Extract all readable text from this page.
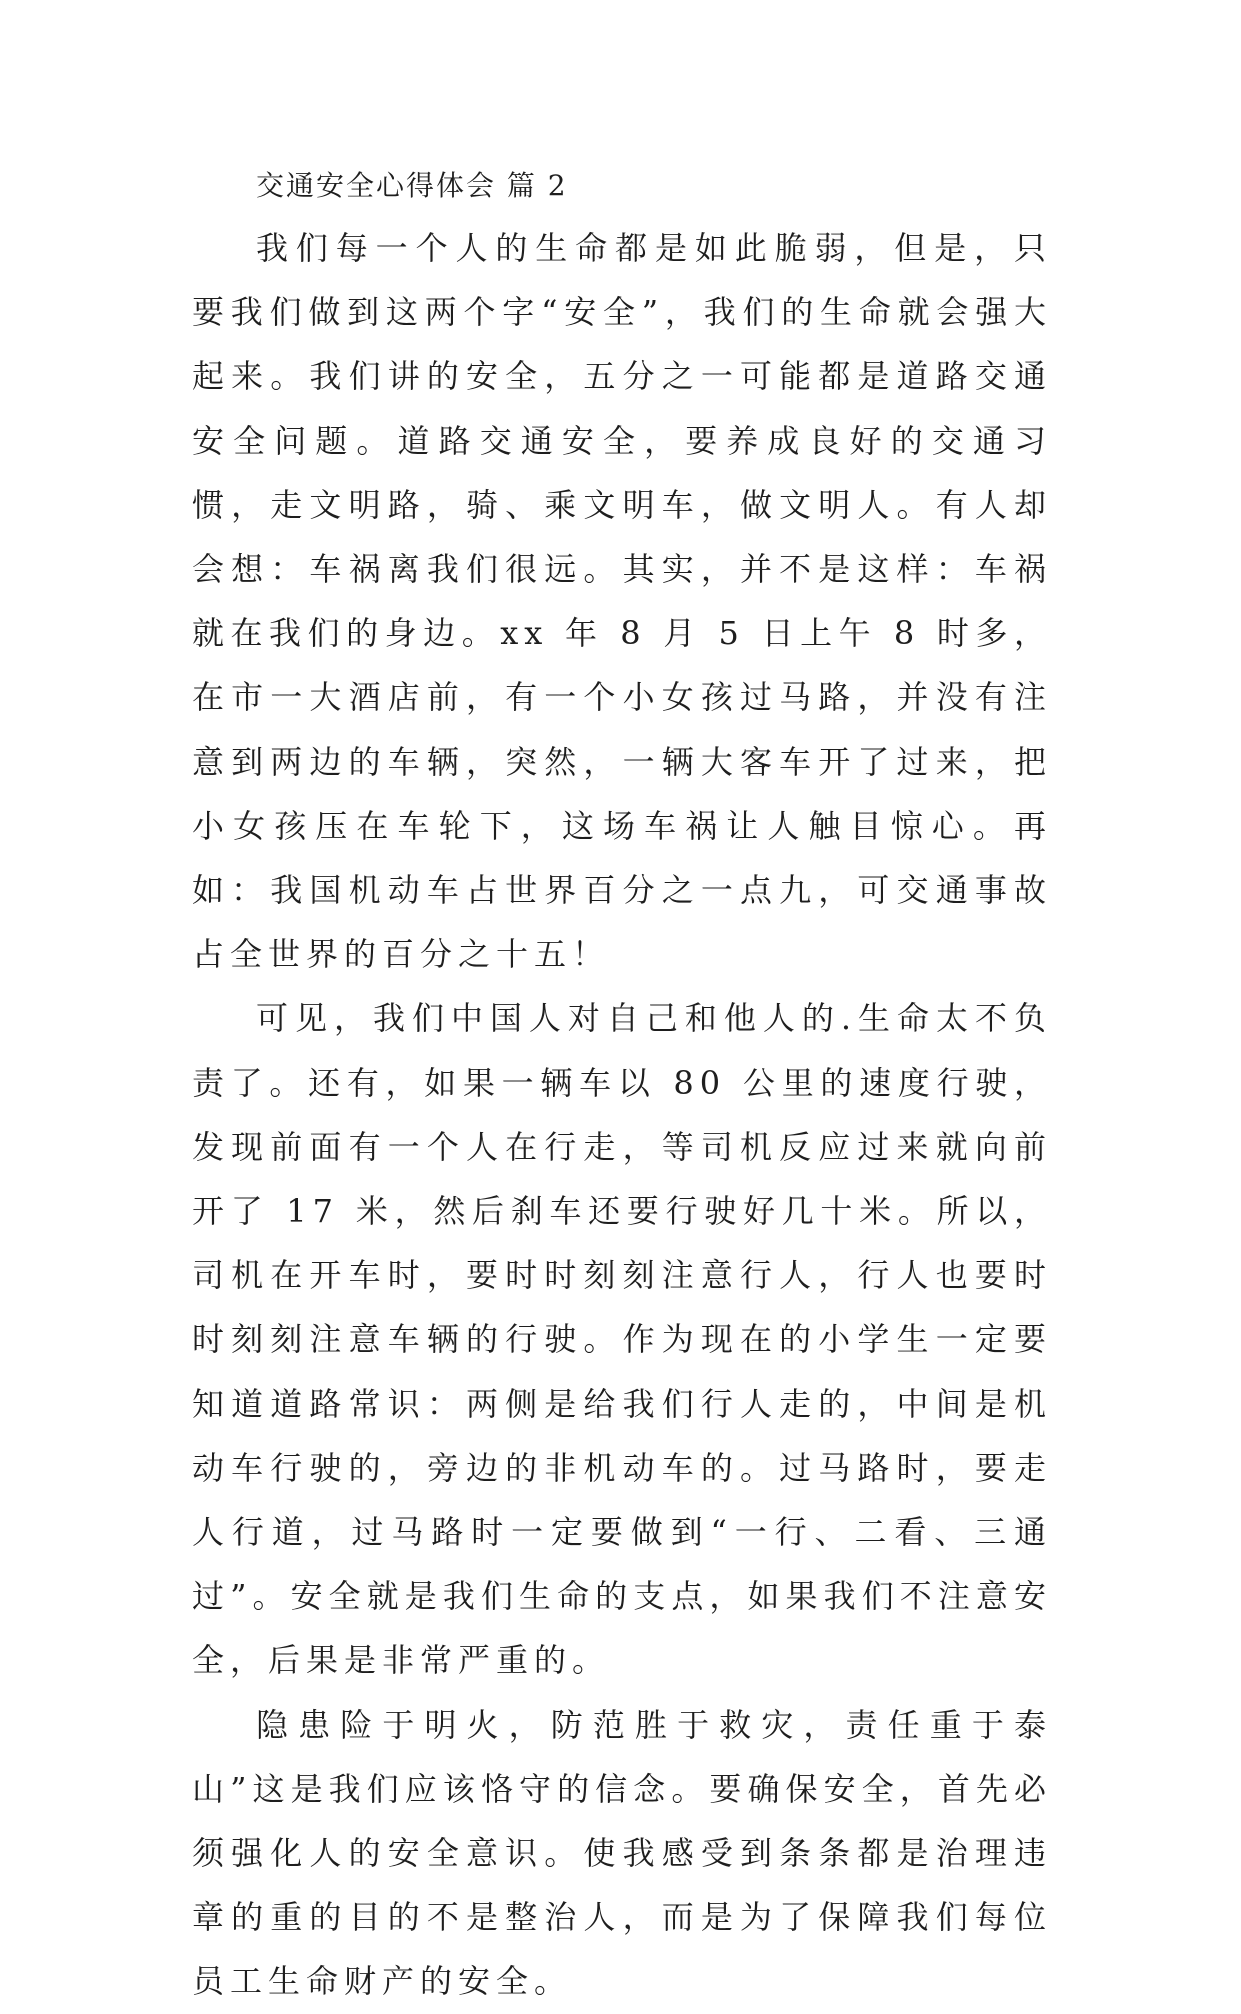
交通安全心得体会 篇 2

我们每一个人的生命都是如此脆弱，但是，只要我们做到这两个字“安全”，我们的生命就会强大起来。我们讲的安全，五分之一可能都是道路交通安全问题。道路交通安全，要养成良好的交通习惯，走文明路，骑、乘文明车，做文明人。有人却会想：车祸离我们很远。其实，并不是这样：车祸就在我们的身边。xx 年 8 月 5 日上午 8 时多，在市一大酒店前，有一个小女孩过马路，并没有注意到两边的车辆，突然，一辆大客车开了过来，把小女孩压在车轮下，这场车祸让人触目惊心。再如：我国机动车占世界百分之一点九，可交通事故占全世界的百分之十五！

可见，我们中国人对自己和他人的.生命太不负责了。还有，如果一辆车以 80 公里的速度行驶，发现前面有一个人在行走，等司机反应过来就向前开了 17 米，然后刹车还要行驶好几十米。所以，司机在开车时，要时时刻刻注意行人，行人也要时时刻刻注意车辆的行驶。作为现在的小学生一定要知道道路常识：两侧是给我们行人走的，中间是机动车行驶的，旁边的非机动车的。过马路时，要走人行道，过马路时一定要做到“一行、二看、三通过”。安全就是我们生命的支点，如果我们不注意安全，后果是非常严重的。

隐患险于明火，防范胜于救灾，责任重于泰山”这是我们应该恪守的信念。要确保安全，首先必须强化人的安全意识。使我感受到条条都是治理违章的重的目的不是整治人，而是为了保障我们每位员工生命财产的安全。
